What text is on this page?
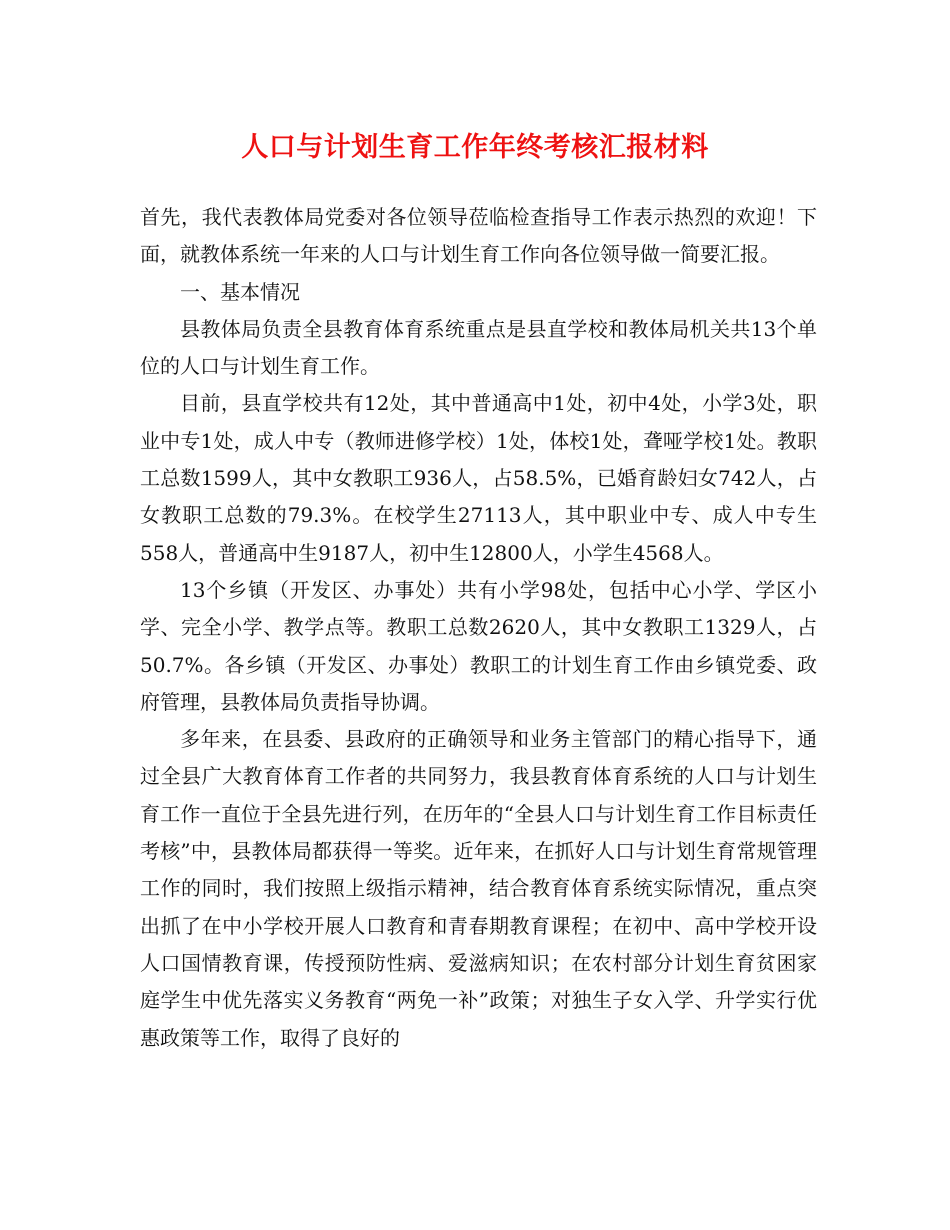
人口与计划生育工作年终考核汇报材料

首先，我代表教体局党委对各位领导莅临检查指导工作表示热烈的欢迎！下面，就教体系统一年来的人口与计划生育工作向各位领导做一简要汇报。

一、基本情况

县教体局负责全县教育体育系统重点是县直学校和教体局机关共13个单位的人口与计划生育工作。

目前，县直学校共有12处，其中普通高中1处，初中4处，小学3处，职业中专1处，成人中专（教师进修学校）1处，体校1处，聋哑学校1处。教职工总数1599人，其中女教职工936人，占58.5%，已婚育龄妇女742人，占女教职工总数的79.3%。在校学生27113人，其中职业中专、成人中专生558人，普通高中生9187人，初中生12800人，小学生4568人。

13个乡镇（开发区、办事处）共有小学98处，包括中心小学、学区小学、完全小学、教学点等。教职工总数2620人，其中女教职工1329人，占50.7%。各乡镇（开发区、办事处）教职工的计划生育工作由乡镇党委、政府管理，县教体局负责指导协调。

多年来，在县委、县政府的正确领导和业务主管部门的精心指导下，通过全县广大教育体育工作者的共同努力，我县教育体育系统的人口与计划生育工作一直位于全县先进行列，在历年的“全县人口与计划生育工作目标责任考核”中，县教体局都获得一等奖。近年来，在抓好人口与计划生育常规管理工作的同时，我们按照上级指示精神，结合教育体育系统实际情况，重点突出抓了在中小学校开展人口教育和青春期教育课程；在初中、高中学校开设人口国情教育课，传授预防性病、爱滋病知识；在农村部分计划生育贫困家庭学生中优先落实义务教育“两免一补”政策；对独生子女入学、升学实行优惠政策等工作，取得了良好的
